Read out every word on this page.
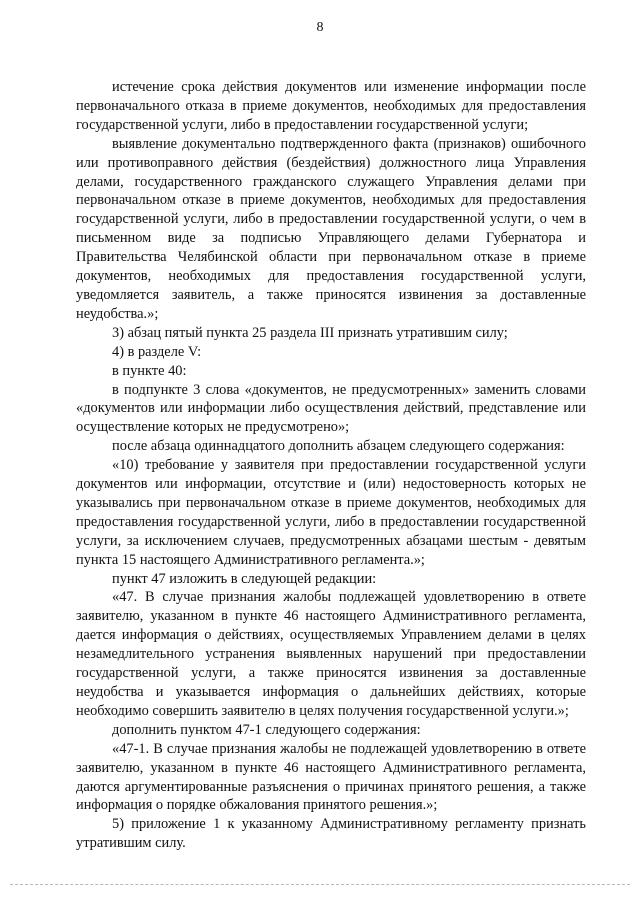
8

истечение срока действия документов или изменение информации после первоначального отказа в приеме документов, необходимых для предоставления государственной услуги, либо в предоставлении государственной услуги;

выявление документально подтвержденного факта (признаков) ошибочного или противоправного действия (бездействия) должностного лица Управления делами, государственного гражданского служащего Управления делами при первоначальном отказе в приеме документов, необходимых для предоставления государственной услуги, либо в предоставлении государственной услуги, о чем в письменном виде за подписью Управляющего делами Губернатора и Правительства Челябинской области при первоначальном отказе в приеме документов, необходимых для предоставления государственной услуги, уведомляется заявитель, а также приносятся извинения за доставленные неудобства.»;

3) абзац пятый пункта 25 раздела III признать утратившим силу;

4) в разделе V:

в пункте 40:

в подпункте 3 слова «документов, не предусмотренных» заменить словами «документов или информации либо осуществления действий, представление или осуществление которых не предусмотрено»;

после абзаца одиннадцатого дополнить абзацем следующего содержания:

«10) требование у заявителя при предоставлении государственной услуги документов или информации, отсутствие и (или) недостоверность которых не указывались при первоначальном отказе в приеме документов, необходимых для предоставления государственной услуги, либо в предоставлении государственной услуги, за исключением случаев, предусмотренных абзацами шестым - девятым пункта 15 настоящего Административного регламента.»;

пункт 47 изложить в следующей редакции:

«47. В случае признания жалобы подлежащей удовлетворению в ответе заявителю, указанном в пункте 46 настоящего Административного регламента, дается информация о действиях, осуществляемых Управлением делами в целях незамедлительного устранения выявленных нарушений при предоставлении государственной услуги, а также приносятся извинения за доставленные неудобства и указывается информация о дальнейших действиях, которые необходимо совершить заявителю в целях получения государственной услуги.»;

дополнить пунктом 47-1 следующего содержания:

«47-1. В случае признания жалобы не подлежащей удовлетворению в ответе заявителю, указанном в пункте 46 настоящего Административного регламента, даются аргументированные разъяснения о причинах принятого решения, а также информация о порядке обжалования принятого решения.»;

5) приложение 1 к указанному Административному регламенту признать утратившим силу.
